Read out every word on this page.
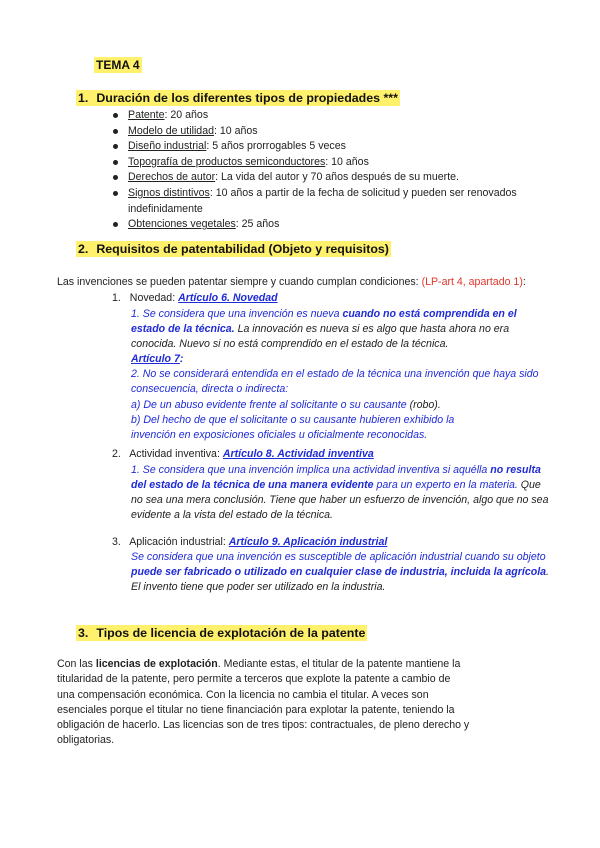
TEMA 4
1. Duración de los diferentes tipos de propiedades ***
Patente: 20 años
Modelo de utilidad: 10 años
Diseño industrial: 5 años prorrogables 5 veces
Topografía de productos semiconductores: 10 años
Derechos de autor: La vida del autor y 70 años después de su muerte.
Signos distintivos: 10 años a partir de la fecha de solicitud y pueden ser renovados
indefinidamente
Obtenciones vegetales: 25 años
2. Requisitos de patentabilidad (Objeto y requisitos)
Las invenciones se pueden patentar siempre y cuando cumplan condiciones: (LP-art 4, apartado 1):
1. Novedad: Artículo 6. Novedad
1. Se considera que una invención es nueva cuando no está comprendida en el
estado de la técnica. La innovación es nueva si es algo que hasta ahora no era
conocida. Nuevo si no está comprendido en el estado de la técnica.
Artículo 7:
2. No se considerará entendida en el estado de la técnica una invención que haya sido
consecuencia, directa o indirecta:
a) De un abuso evidente frente al solicitante o su causante (robo).
b) Del hecho de que el solicitante o su causante hubieren exhibido la
invención en exposiciones oficiales u oficialmente reconocidas.
2. Actividad inventiva: Artículo 8. Actividad inventiva
1. Se considera que una invención implica una actividad inventiva si aquélla no resulta
del estado de la técnica de una manera evidente para un experto en la materia. Que
no sea una mera conclusión. Tiene que haber un esfuerzo de invención, algo que no sea
evidente a la vista del estado de la técnica.
3. Aplicación industrial: Artículo 9. Aplicación industrial
Se considera que una invención es susceptible de aplicación industrial cuando su objeto
puede ser fabricado o utilizado en cualquier clase de industria, incluida la agrícola.
El invento tiene que poder ser utilizado en la industria.
3. Tipos de licencia de explotación de la patente
Con las licencias de explotación. Mediante estas, el titular de la patente mantiene la
titularidad de la patente, pero permite a terceros que explote la patente a cambio de
una compensación económica. Con la licencia no cambia el titular. A veces son
esenciales porque el titular no tiene financiación para explotar la patente, teniendo la
obligación de hacerlo. Las licencias son de tres tipos: contractuales, de pleno derecho y
obligatorias.
